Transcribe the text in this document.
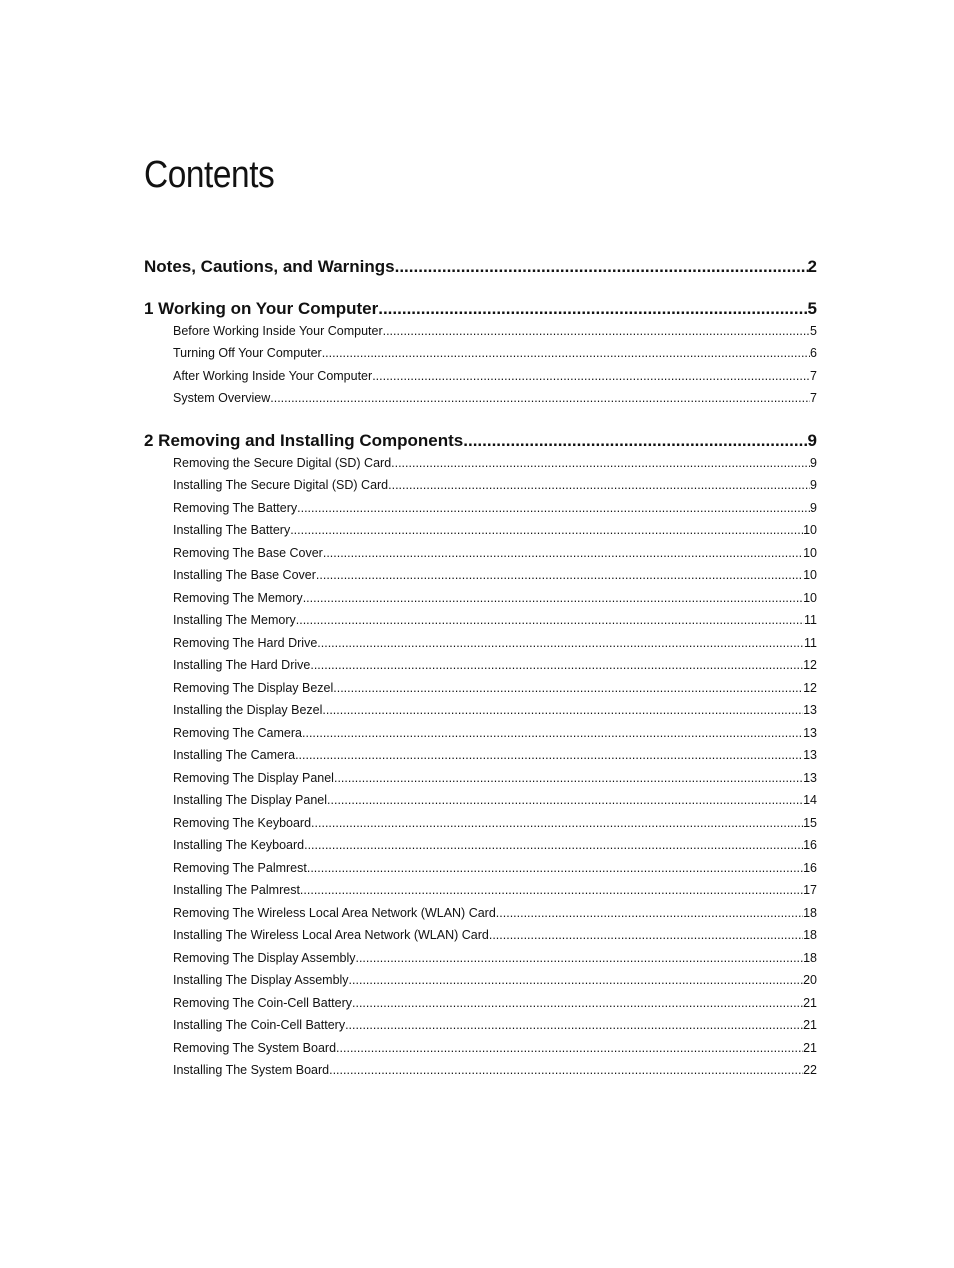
Contents
Notes, Cautions, and Warnings .....	2
1 Working on Your Computer .....	5
Before Working Inside Your Computer .....	5
Turning Off Your Computer .....	6
After Working Inside Your Computer .....	7
System Overview .....	7
2 Removing and Installing Components .....	9
Removing the Secure Digital (SD) Card .....	9
Installing The Secure Digital (SD) Card .....	9
Removing The Battery .....	9
Installing The Battery .....	10
Removing The Base Cover .....	10
Installing The Base Cover .....	10
Removing The Memory .....	10
Installing The Memory .....	11
Removing The Hard Drive .....	11
Installing The Hard Drive .....	12
Removing The Display Bezel .....	12
Installing the Display Bezel .....	13
Removing The Camera .....	13
Installing The Camera .....	13
Removing The Display Panel .....	13
Installing The Display Panel .....	14
Removing The Keyboard .....	15
Installing The Keyboard .....	16
Removing The Palmrest .....	16
Installing The Palmrest .....	17
Removing The Wireless Local Area Network (WLAN) Card .....	18
Installing The Wireless Local Area Network (WLAN) Card .....	18
Removing The Display Assembly .....	18
Installing The Display Assembly .....	20
Removing The Coin-Cell Battery .....	21
Installing The Coin-Cell Battery .....	21
Removing The System Board .....	21
Installing The System Board .....	22
